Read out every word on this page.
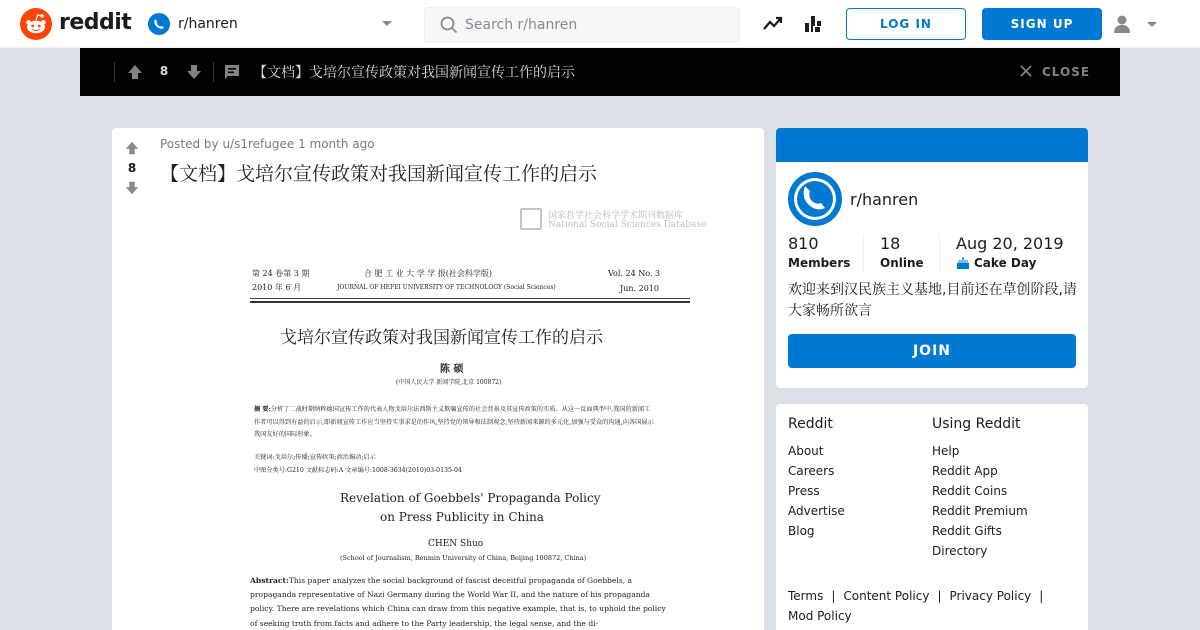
reddit	r/hanren
Search r/hanren	LOG IN	SIGN UP
8	【文档】戈培尔宣传政策对我国新闻宣传工作的启示	CLOSE
8
Posted by u/s1refugee 1 month ago
【文档】戈培尔宣传政策对我国新闻宣传工作的启示
国家哲学社会科学学术期刊数据库
National Social Sciences Database
第 24 卷第 3 期
2010 年 6 月
合 肥 工 业 大 学 学 报(社会科学版)
JOURNAL OF HEFEI UNIVERSITY OF TECHNOLOGY (Social Sciences)
Vol. 24 No. 3
Jun. 2010
戈培尔宣传政策对我国新闻宣传工作的启示
陈 硕
(中国人民大学 新闻学院,北京 100872)
摘 要:分析了二战时期纳粹德国宣传工作的代表人物戈培尔法西斯主义欺骗宣传的社会背景及其宣传政策的实质。从这一反面典型中,我国的新闻工作者可以得到有益的启示,即新闻宣传工作应当坚持实事求是的作风,坚持党的领导和法制观念,坚持新闻来源的多元化,加强与受众的沟通,向各国展示我国友好的国际形象。
关键词:戈培尔;传播;宣传政策;政治煽动;启示
中图分类号:G210 文献标志码:A 文章编号:1008-3634(2010)03-0135-04
Revelation of Goebbels' Propaganda Policy
on Press Publicity in China
CHEN Shuo
(School of Journalism, Renmin University of China, Beijing 100872, China)
Abstract:This paper analyzes the social background of fascist deceitful propaganda of Goebbels, a propaganda representative of Nazi Germany during the World War II, and the nature of his propaganda policy. There are revelations which China can draw from this negative example, that is, to uphold the policy of seeking truth from facts and adhere to the Party leadership, the legal sense, and the di-
r/hanren
810
Members
18
Online
Aug 20, 2019
Cake Day
欢迎来到汉民族主义基地,目前还在草创阶段,请大家畅所欲言
JOIN
Reddit
About
Careers
Press
Advertise
Blog
Using Reddit
Help
Reddit App
Reddit Coins
Reddit Premium
Reddit Gifts
Directory
Terms | Content Policy | Privacy Policy |
Mod Policy
